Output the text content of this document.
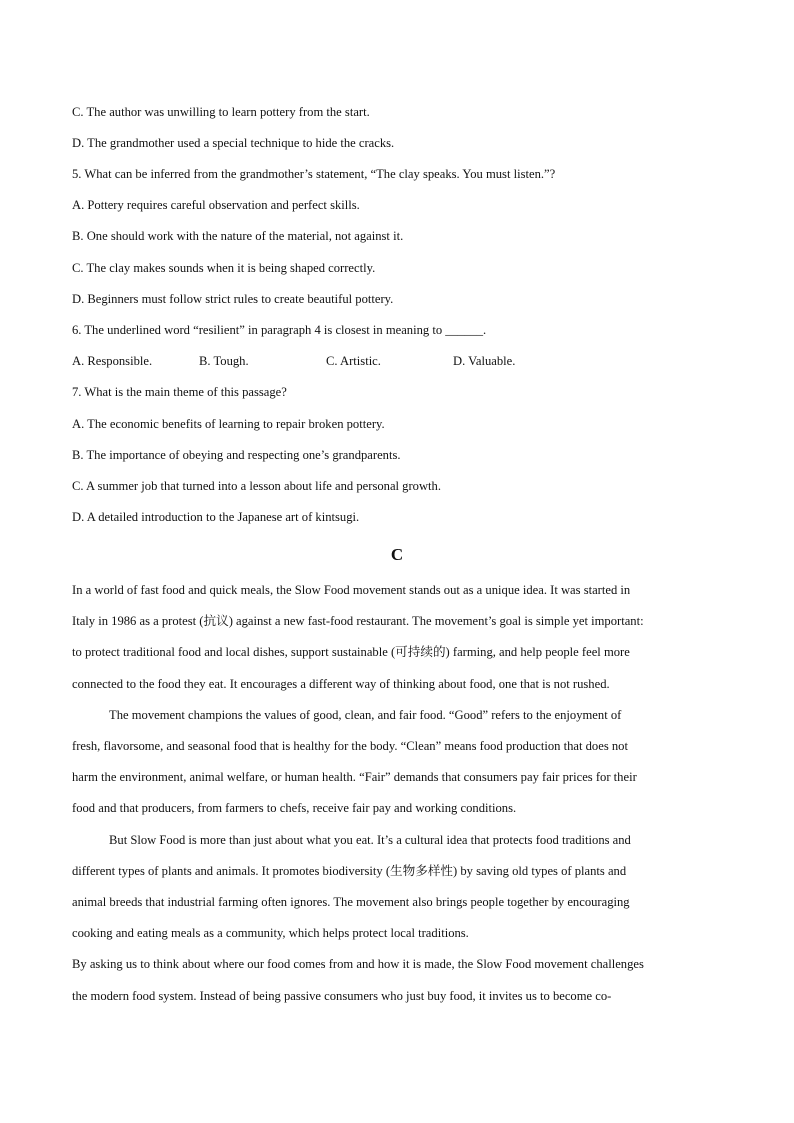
C. The author was unwilling to learn pottery from the start.
D. The grandmother used a special technique to hide the cracks.
5. What can be inferred from the grandmother’s statement, “The clay speaks. You must listen.”?
A. Pottery requires careful observation and perfect skills.
B. One should work with the nature of the material, not against it.
C. The clay makes sounds when it is being shaped correctly.
D. Beginners must follow strict rules to create beautiful pottery.
6. The underlined word “resilient” in paragraph 4 is closest in meaning to ______.
A. Responsible.	B. Tough.	C. Artistic.	D. Valuable.
7. What is the main theme of this passage?
A. The economic benefits of learning to repair broken pottery.
B. The importance of obeying and respecting one’s grandparents.
C. A summer job that turned into a lesson about life and personal growth.
D. A detailed introduction to the Japanese art of kintsugi.
C
In a world of fast food and quick meals, the Slow Food movement stands out as a unique idea. It was started in
Italy in 1986 as a protest (抗议) against a new fast-food restaurant. The movement’s goal is simple yet important:
to protect traditional food and local dishes, support sustainable (可持续的) farming, and help people feel more
connected to the food they eat. It encourages a different way of thinking about food, one that is not rushed.
The movement champions the values of good, clean, and fair food. “Good” refers to the enjoyment of
fresh, flavorsome, and seasonal food that is healthy for the body. “Clean” means food production that does not
harm the environment, animal welfare, or human health. “Fair” demands that consumers pay fair prices for their
food and that producers, from farmers to chefs, receive fair pay and working conditions.
But Slow Food is more than just about what you eat. It’s a cultural idea that protects food traditions and
different types of plants and animals. It promotes biodiversity (生物多样性) by saving old types of plants and
animal breeds that industrial farming often ignores. The movement also brings people together by encouraging
cooking and eating meals as a community, which helps protect local traditions.
By asking us to think about where our food comes from and how it is made, the Slow Food movement challenges
the modern food system. Instead of being passive consumers who just buy food, it invites us to become co-
